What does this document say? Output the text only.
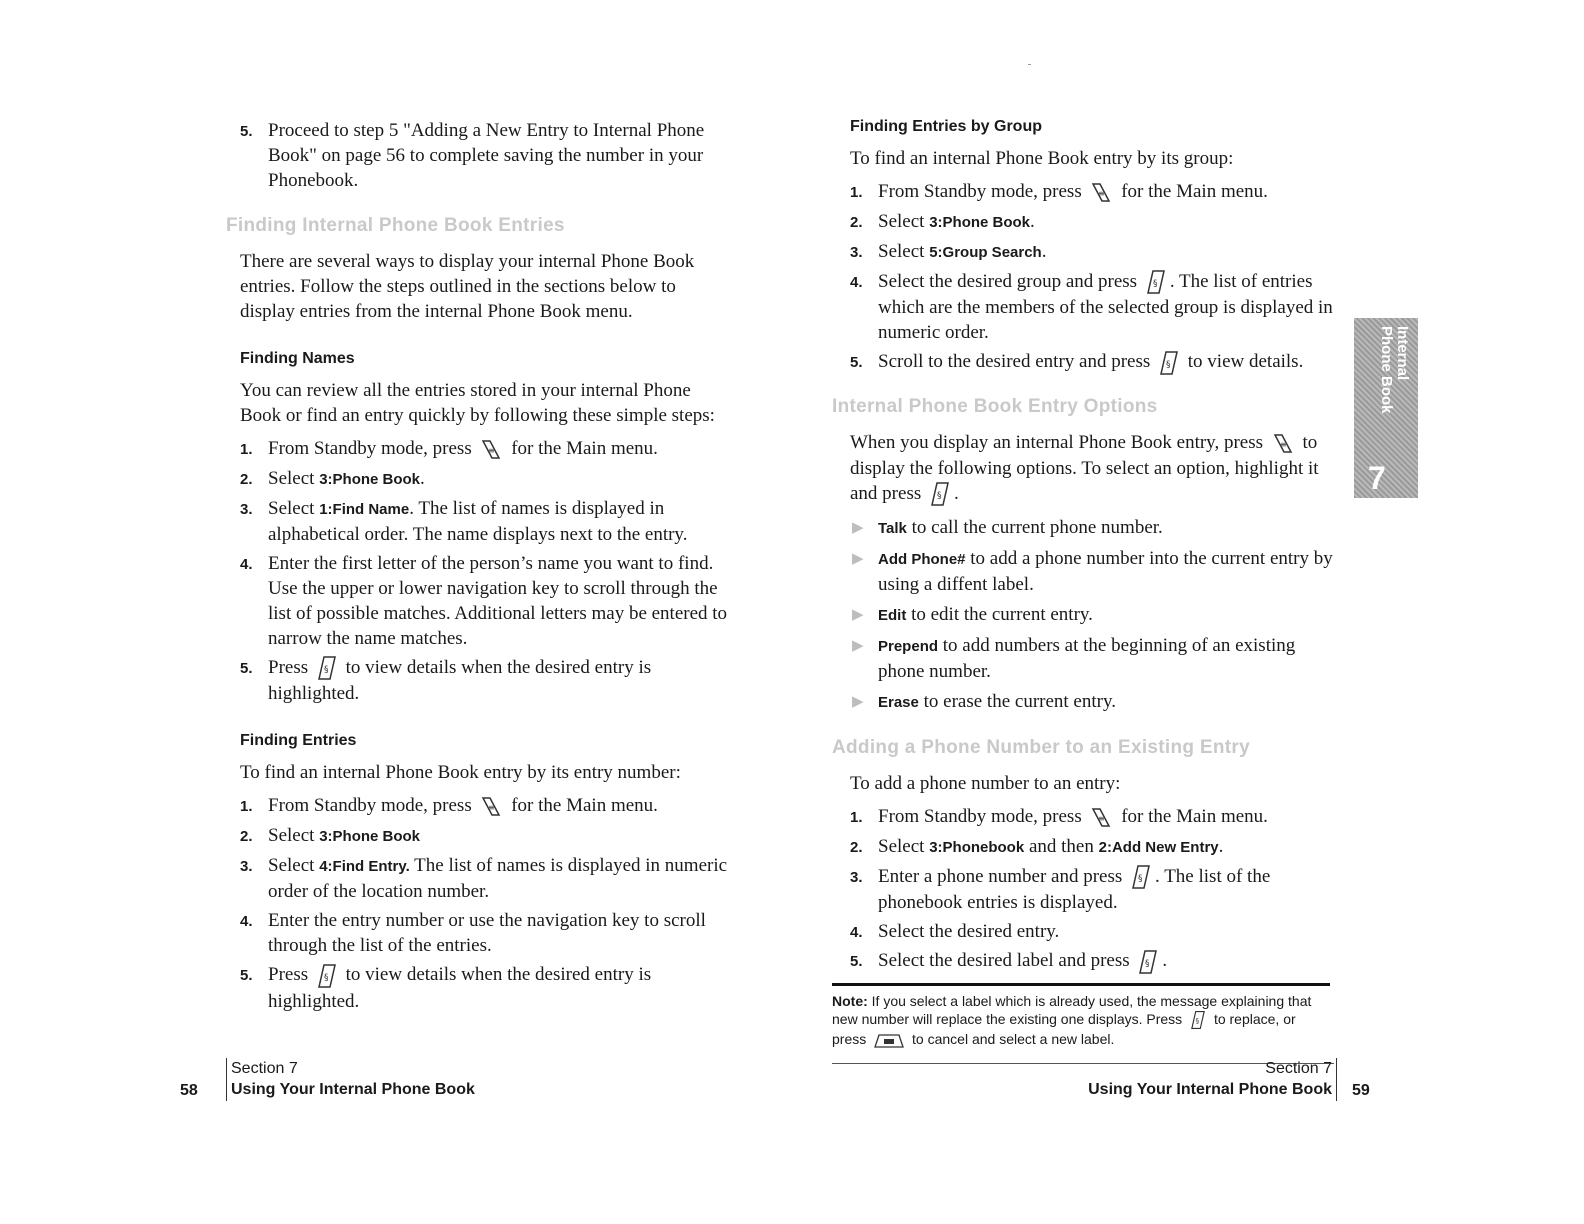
5. Proceed to step 5 "Adding a New Entry to Internal Phone Book" on page 56 to complete saving the number in your Phonebook.
Finding Internal Phone Book Entries

There are several ways to display your internal Phone Book entries. Follow the steps outlined in the sections below to display entries from the internal Phone Book menu.

Finding Names

You can review all the entries stored in your internal Phone Book or find an entry quickly by following these simple steps:

1. From Standby mode, press ≡ for the Main menu.
2. Select 3:Phone Book.
3. Select 1:Find Name. The list of names is displayed in alphabetical order. The name displays next to the entry.
4. Enter the first letter of the person’s name you want to find. Use the upper or lower navigation key to scroll through the list of possible matches. Additional letters may be entered to narrow the name matches.
5. Press § to view details when the desired entry is highlighted.
Finding Entries

To find an internal Phone Book entry by its entry number:

1. From Standby mode, press ≡ for the Main menu.
2. Select 3:Phone Book
3. Select 4:Find Entry. The list of names is displayed in numeric order of the location number.
4. Enter the entry number or use the navigation key to scroll through the list of the entries.
5. Press § to view details when the desired entry is highlighted.
Finding Entries by Group

To find an internal Phone Book entry by its group:

1. From Standby mode, press ≡ for the Main menu.
2. Select 3:Phone Book.
3. Select 5:Group Search.
4. Select the desired group and press § . The list of entries which are the members of the selected group is displayed in numeric order.
5. Scroll to the desired entry and press § to view details.
Internal Phone Book Entry Options

When you display an internal Phone Book entry, press ≡ to display the following options. To select an option, highlight it and press § .

▶ Talk to call the current phone number.
▶ Add Phone# to add a phone number into the current entry by using a diffent label.
▶ Edit to edit the current entry.
▶ Prepend to add numbers at the beginning of an existing phone number.
▶ Erase to erase the current entry.
Adding a Phone Number to an Existing Entry

To add a phone number to an entry:

1. From Standby mode, press ≡ for the Main menu.
2. Select 3:Phonebook and then 2:Add New Entry.
3. Enter a phone number and press § . The list of the phonebook entries is displayed.
4. Select the desired entry.
5. Select the desired label and press § .
Note: If you select a label which is already used, the message explaining that new number will replace the existing one displays. Press § to replace, or press	to cancel and select a new label.
Internal Phone Book
7
58
Section 7
Using Your Internal Phone Book
Section 7
Using Your Internal Phone Book 59
